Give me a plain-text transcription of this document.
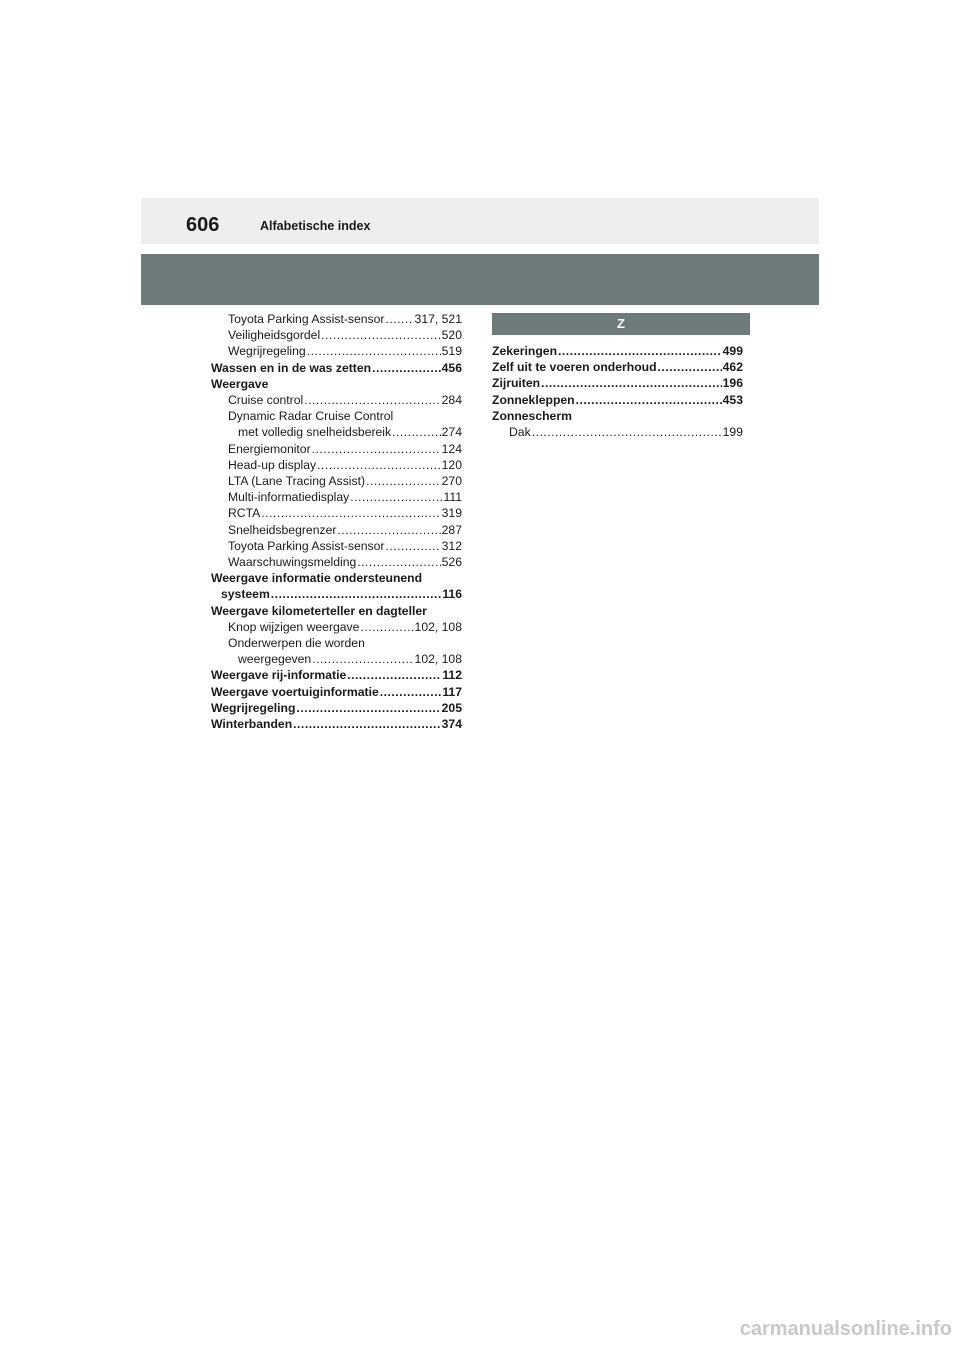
606	Alfabetische index
Toyota Parking Assist-sensor ..... 317, 521
Veiligheidsgordel .....	520
Wegrijregeling .....	519
Wassen en in de was zetten .....	456
Weergave
Cruise control .....	284
Dynamic Radar Cruise Control
met volledig snelheidsbereik .....	274
Energiemonitor .....	124
Head-up display .....	120
LTA (Lane Tracing Assist) .....	270
Multi-informatiedisplay .....	111
RCTA .....	319
Snelheidsbegrenzer .....	287
Toyota Parking Assist-sensor .....	312
Waarschuwingsmelding .....	526
Weergave informatie ondersteunend
systeem .....	116
Weergave kilometerteller en dagteller
Knop wijzigen weergave .....	102, 108
Onderwerpen die worden
weergegeven .....	102, 108
Weergave rij-informatie .....	112
Weergave voertuiginformatie .....	117
Wegrijregeling .....	205
Winterbanden .....	374
Z
Zekeringen .....	499
Zelf uit te voeren onderhoud .....	462
Zijruiten .....	196
Zonnekleppen .....	453
Zonnescherm
Dak .....	199
carmanualsonline.info
